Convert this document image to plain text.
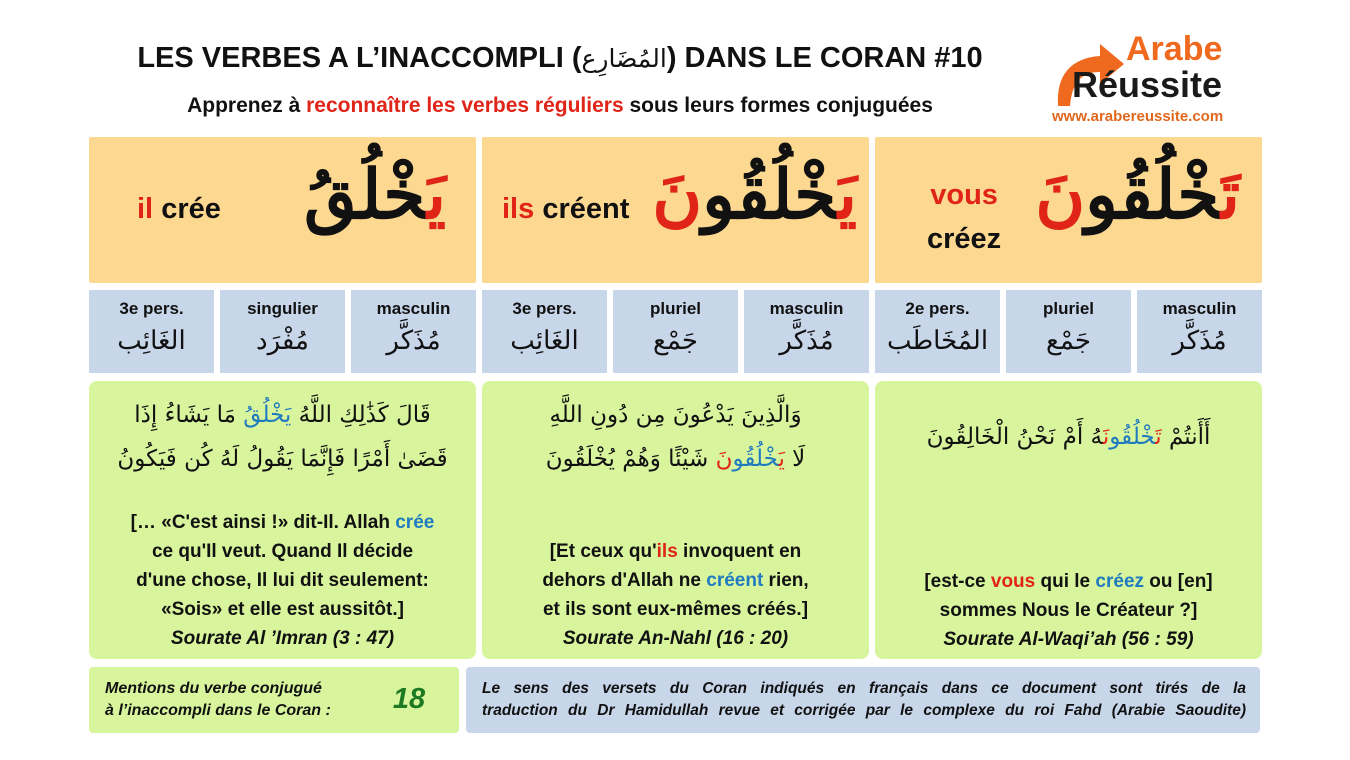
LES VERBES A L’INACCOMPLI (المُضَارِع) DANS LE CORAN #10
Apprenez à reconnaître les verbes réguliers sous leurs formes conjuguées
Arabe
Réussite
www.arabereussite.com
il crée	يَخْلُقُ
3e pers.
الغَائِب
singulier
مُفْرَد
masculin
مُذَكَّر
قَالَ كَذَٰلِكِ اللَّهُ يَخْلُقُ مَا يَشَاءُ إِذَا
قَضَىٰ أَمْرًا فَإِنَّمَا يَقُولُ لَهُ كُن فَيَكُونُ
[… «C'est ainsi !» dit-Il. Allah crée
ce qu'Il veut. Quand Il décide
d'une chose, Il lui dit seulement:
«Sois» et elle est aussitôt.]
Sourate Al ’Imran (3 : 47)
ils créent	يَخْلُقُونَ
3e pers.
الغَائِب
pluriel
جَمْع
masculin
مُذَكَّر
وَالَّذِينَ يَدْعُونَ مِن دُونِ اللَّهِ
لَا يَخْلُقُونَ شَيْئًا وَهُمْ يُخْلَقُونَ
[Et ceux qu'ils invoquent en
dehors d'Allah ne créent rien,
et ils sont eux-mêmes créés.]
Sourate An-Nahl (16 : 20)
vous
créez
تَخْلُقُونَ
2e pers.
المُخَاطَب
pluriel
جَمْع
masculin
مُذَكَّر
أَأَنتُمْ تَخْلُقُونَهُ أَمْ نَحْنُ الْخَالِقُونَ
[est-ce vous qui le créez ou [en]
sommes Nous le Créateur ?]
Sourate Al-Waqi’ah (56 : 59)
Mentions du verbe conjugué
à l’inaccompli dans le Coran :	18	Le sens des versets du Coran indiqués en français dans ce document sont tirés de la
traduction du Dr Hamidullah revue et corrigée par le complexe du roi Fahd (Arabie Saoudite)
